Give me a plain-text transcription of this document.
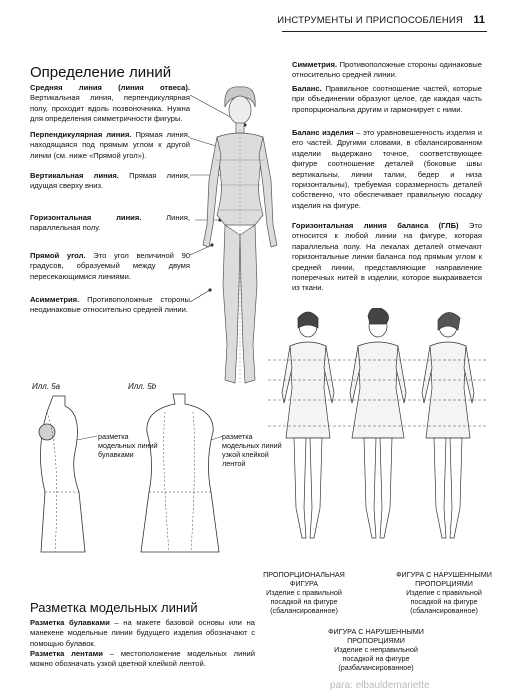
ИНСТРУМЕНТЫ И ПРИСПОСОБЛЕНИЯ 11
Определение линий
Средняя линия (линия отвеса). Вертикальная линия, перпендикулярная полу, проходит вдоль позвоночника. Нужна для определения симметричности фигуры.
Перпендикулярная линия. Прямая линия, находящаяся под прямым углом к другой линии (см. ниже «Прямой угол»).
Вертикальная линия. Прямая линия, идущая сверху вниз.
Горизонтальная линия. Линия, параллельная полу.
Прямой угол. Это угол величиной 90 градусов, образуемый между двумя пересекающимися линиями.
Асимметрия. Противоположные стороны неодинаковые относительно средней линии.
Симметрия. Противоположные стороны одинаковые относительно средней линии.
Баланс. Правильное соотношение частей, которые при объединении образуют целое, где каждая часть пропорциональна другим и гармонирует с ними.
Баланс изделия – это уравновешенность изделия и его частей. Другими словами, в сбалансированном изделии выдержано точное, соответствующее фигуре соотношение деталей (боковые швы вертикальны, линии талии, бедер и низа горизонтальны), требуемая соразмерность деталей собственно, что обеспечивает правильную посадку изделия на фигуре.
Горизонтальная линия баланса (ГЛБ) Это относится к любой линии на фигуре, которая параллельна полу. На лекалах деталей отмечают горизонтальные линии баланса под прямым углом к средней линии, представляющие направление поперечных нитей в изделии, которое выкраивается из ткани.
Илл. 5а	Илл. 5b
разметка модельных линий булавками
разметка модельных линий узкой клейкой лентой
Разметка модельных линий
Разметка булавками – на макете базовой основы или на манекене модельные линии будущего изделия обозначают с помощью булавок.
Разметка лентами – местоположение модельных линий можно обозначать узкой цветной клейкой лентой.
ПРОПОРЦИОНАЛЬНАЯ ФИГУРА
Изделие с правильной посадкой на фигуре (сбалансированное)
ФИГУРА С НАРУШЕННЫМИ ПРОПОРЦИЯМИ
Изделие с правильной посадкой на фигуре (сбалансированное)
ФИГУРА С НАРУШЕННЫМИ ПРОПОРЦИЯМИ
Изделие с неправильной посадкой на фигуре (разбалансированное)
para: elbauldemariette
